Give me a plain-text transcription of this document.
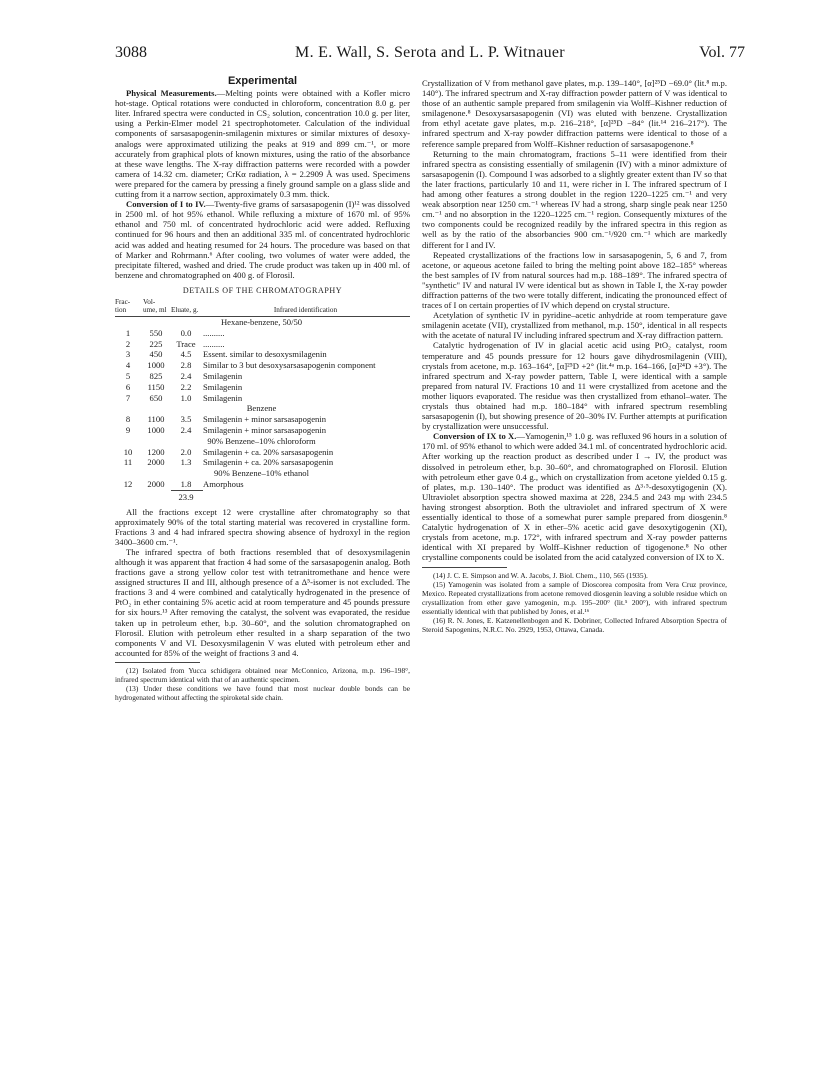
3088	M. E. Wall, S. Serota and L. P. Witnauer	Vol. 77
Experimental

Physical Measurements.—Melting points were obtained with a Kofler micro hot-stage. Optical rotations were conducted in chloroform, concentration 8.0 g. per liter. Infrared spectra were conducted in CS₂ solution, concentration 10.0 g. per liter, using a Perkin-Elmer model 21 spectrophotometer. Calculation of the individual components of sarsasapogenin-smilagenin mixtures or similar mixtures of desoxy-analogs were approximated utilizing the peaks at 919 and 899 cm.⁻¹, or more accurately from graphical plots of known mixtures, using the ratio of the absorbance at these wave lengths. The X-ray diffraction patterns were recorded with a powder camera of 14.32 cm. diameter; CrKα radiation, λ = 2.2909 Å was used. Specimens were prepared for the camera by pressing a finely ground sample on a glass slide and cutting from it a narrow section, approximately 0.3 mm. thick.

Conversion of I to IV.—Twenty-five grams of sarsasapogenin (I)¹² was dissolved in 2500 ml. of hot 95% ethanol. While refluxing a mixture of 1670 ml. of 95% ethanol and 750 ml. of concentrated hydrochloric acid were added. Refluxing continued for 96 hours and then an additional 335 ml. of concentrated hydrochloric acid was added and heating resumed for 24 hours. The procedure was based on that of Marker and Rohrmann.⁶ After cooling, two volumes of water were added, the precipitate filtered, washed and dried. The crude product was taken up in 400 ml. of benzene and chromatographed on 400 g. of Florosil.

DETAILS OF THE CHROMATOGRAPHY
Frac-tion	Vol-ume, ml	Eluate, g.	Infrared identification
Hexane-benzene, 50/50			
1	550	0.0	..........
2	225	Trace	..........
3	450	4.5	Essent. similar to desoxysmilagenin
4	1000	2.8	Similar to 3 but desoxysarsasapogenin component
5	825	2.4	Smilagenin
6	1150	2.2	Smilagenin
7	650	1.0	Smilagenin
Benzene			
8	1100	3.5	Smilagenin + minor sarsasapogenin
9	1000	2.4	Smilagenin + minor sarsasapogenin
90% Benzene–10% chloroform			
10	1200	2.0	Smilagenin + ca. 20% sarsasapogenin
11	2000	1.3	Smilagenin + ca. 20% sarsasapogenin
90% Benzene–10% ethanol			
12	2000	1.8	Amorphous
		23.9	

All the fractions except 12 were crystalline after chromatography so that approximately 90% of the total starting material was recovered in crystalline form. Fractions 3 and 4 had infrared spectra showing absence of hydroxyl in the region 3400–3600 cm.⁻¹.

The infrared spectra of both fractions resembled that of desoxysmilagenin although it was apparent that fraction 4 had some of the sarsasapogenin analog. Both fractions gave a strong yellow color test with tetranitromethane and hence were assigned structures II and III, although presence of a Δ⁵-isomer is not excluded. The fractions 3 and 4 were combined and catalytically hydrogenated in the presence of PtO₂ in ether containing 5% acetic acid at room temperature and 45 pounds pressure for six hours.¹³ After removing the catalyst, the solvent was evaporated, the residue taken up in petroleum ether, b.p. 30–60°, and the solution chromatographed on Florosil. Elution with petroleum ether resulted in a sharp separation of the two components V and VI. Desoxysmilagenin V was eluted with petroleum ether and accounted for 85% of the weight of fractions 3 and 4.

(12) Isolated from Yucca schidigera obtained near McConnico, Arizona, m.p. 196–198°, infrared spectrum identical with that of an authentic specimen.

(13) Under these conditions we have found that most nuclear double bonds can be hydrogenated without affecting the spiroketal side chain.

Crystallization of V from methanol gave plates, m.p. 139–140°, [α]²⁵D −69.0° (lit.⁸ m.p. 140°). The infrared spectrum and X-ray diffraction powder pattern of V was identical to those of an authentic sample prepared from smilagenin via Wolff–Kishner reduction of smilagenone.⁸ Desoxysarsasapogenin (VI) was eluted with benzene. Crystallization from ethyl acetate gave plates, m.p. 216–218°, [α]²⁵D −84° (lit.¹⁴ 216–217°). The infrared spectrum and X-ray powder diffraction patterns were identical to those of a reference sample prepared from Wolff–Kishner reduction of sarsasapogenone.⁸

Returning to the main chromatogram, fractions 5–11 were identified from their infrared spectra as consisting essentially of smilagenin (IV) with a minor admixture of sarsasapogenin (I). Compound I was adsorbed to a slightly greater extent than IV so that the later fractions, particularly 10 and 11, were richer in I. The infrared spectrum of I had among other features a strong doublet in the region 1220–1225 cm.⁻¹ and very weak absorption near 1250 cm.⁻¹ whereas IV had a strong, sharp single peak near 1250 cm.⁻¹ and no absorption in the 1220–1225 cm.⁻¹ region. Consequently mixtures of the two components could be recognized readily by the infrared spectra in this region as well as by the ratio of the absorbancies 900 cm.⁻¹/920 cm.⁻¹ which are markedly different for I and IV.

Repeated crystallizations of the fractions low in sarsasapogenin, 5, 6 and 7, from acetone, or aqueous acetone failed to bring the melting point above 182–185° whereas the best samples of IV from natural sources had m.p. 188–189°. The infrared spectra of "synthetic" IV and natural IV were identical but as shown in Table I, the X-ray powder diffraction patterns of the two were totally different, indicating the pronounced effect of traces of I on certain properties of IV which depend on crystal structure.

Acetylation of synthetic IV in pyridine–acetic anhydride at room temperature gave smilagenin acetate (VII), crystallized from methanol, m.p. 150°, identical in all respects with the acetate of natural IV including infrared spectrum and X-ray diffraction pattern.

Catalytic hydrogenation of IV in glacial acetic acid using PtO₂ catalyst, room temperature and 45 pounds pressure for 12 hours gave dihydrosmilagenin (VIII), crystals from acetone, m.p. 163–164°, [α]²⁵D +2° (lit.⁴ᵃ m.p. 164–166, [α]²⁴D +3°). The infrared spectrum and X-ray powder pattern, Table I, were identical with a sample prepared from natural IV. Fractions 10 and 11 were crystallized from acetone and the mother liquors evaporated. The residue was then crystallized from ethanol–water. The crystals thus obtained had m.p. 180–184° with infrared spectrum resembling sarsasapogenin (I), but showing presence of 20–30% IV. Further attempts at purification by crystallization were unsuccessful.

Conversion of IX to X.—Yamogenin,¹⁵ 1.0 g. was refluxed 96 hours in a solution of 170 ml. of 95% ethanol to which were added 34.1 ml. of concentrated hydrochloric acid. After working up the reaction product as described under I → IV, the product was dissolved in petroleum ether, b.p. 30–60°, and chromatographed on Florosil. Elution with petroleum ether gave 0.4 g., which on crystallization from acetone yielded 0.15 g. of plates, m.p. 130–140°. The product was identified as Δ³·⁵-desoxytigogenin (X). Ultraviolet absorption spectra showed maxima at 228, 234.5 and 243 mμ with 234.5 having strongest absorption. Both the ultraviolet and infrared spectrum of X were essentially identical to those of a somewhat purer sample prepared from diosgenin.⁸ Catalytic hydrogenation of X in ether–5% acetic acid gave desoxytigogenin (XI), crystals from acetone, m.p. 172°, with infrared spectrum and X-ray powder patterns identical with XI prepared by Wolff–Kishner reduction of tigogenone.⁸ No other crystalline components could be isolated from the acid catalyzed conversion of IX to X.

(14) J. C. E. Simpson and W. A. Jacobs, J. Biol. Chem., 110, 565 (1935).

(15) Yamogenin was isolated from a sample of Dioscorea composita from Vera Cruz province, Mexico. Repeated crystallizations from acetone removed diosgenin leaving a soluble residue which on crystallization from ether gave yamogenin, m.p. 195–200° (lit.⁵ 200°), with infrared spectrum essentially identical with that published by Jones, et al.¹⁶

(16) R. N. Jones, E. Katzenellenbogen and K. Dobriner, Collected Infrared Absorption Spectra of Steroid Sapogenins, N.R.C. No. 2929, 1953, Ottawa, Canada.
